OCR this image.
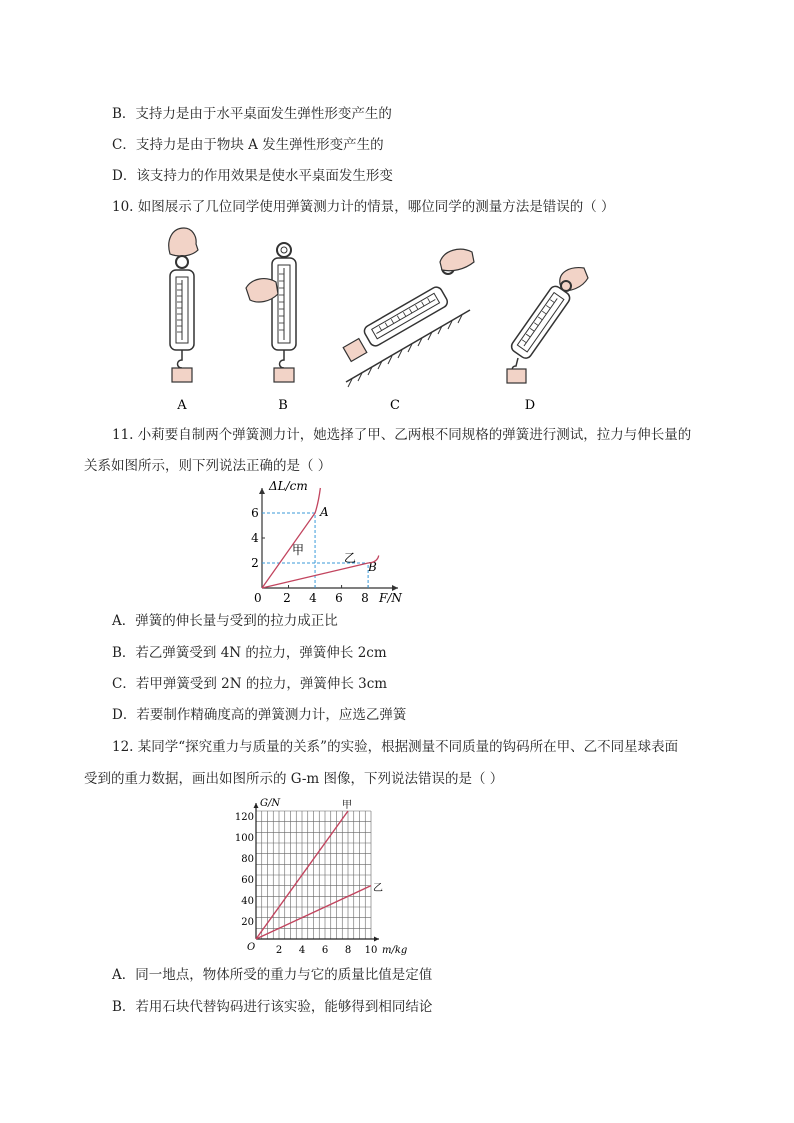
B．支持力是由于水平桌面发生弹性形变产生的
C．支持力是由于物块 A 发生弹性形变产生的
D．该支持力的作用效果是使水平桌面发生形变
10. 如图展示了几位同学使用弹簧测力计的情景，哪位同学的测量方法是错误的（ ）
A	B	C	D
11. 小莉要自制两个弹簧测力计，她选择了甲、乙两根不同规格的弹簧进行测试，拉力与伸长量的
关系如图所示，则下列说法正确的是（ ）
ΔL/cm
F/N
0 2 4 6 8
2
4
6
甲
乙
A
B
A．弹簧的伸长量与受到的拉力成正比
B．若乙弹簧受到 4N 的拉力，弹簧伸长 2cm
C．若甲弹簧受到 2N 的拉力，弹簧伸长 3cm
D．若要制作精确度高的弹簧测力计，应选乙弹簧
12. 某同学“探究重力与质量的关系”的实验，根据测量不同质量的钩码所在甲、乙不同星球表面
受到的重力数据，画出如图所示的 G-m 图像，下列说法错误的是（ ）
G/N
m/kg
O 2 4 6 8 10
20
40
60
80
100
120
甲
乙
A．同一地点，物体所受的重力与它的质量比值是定值
B．若用石块代替钩码进行该实验，能够得到相同结论
